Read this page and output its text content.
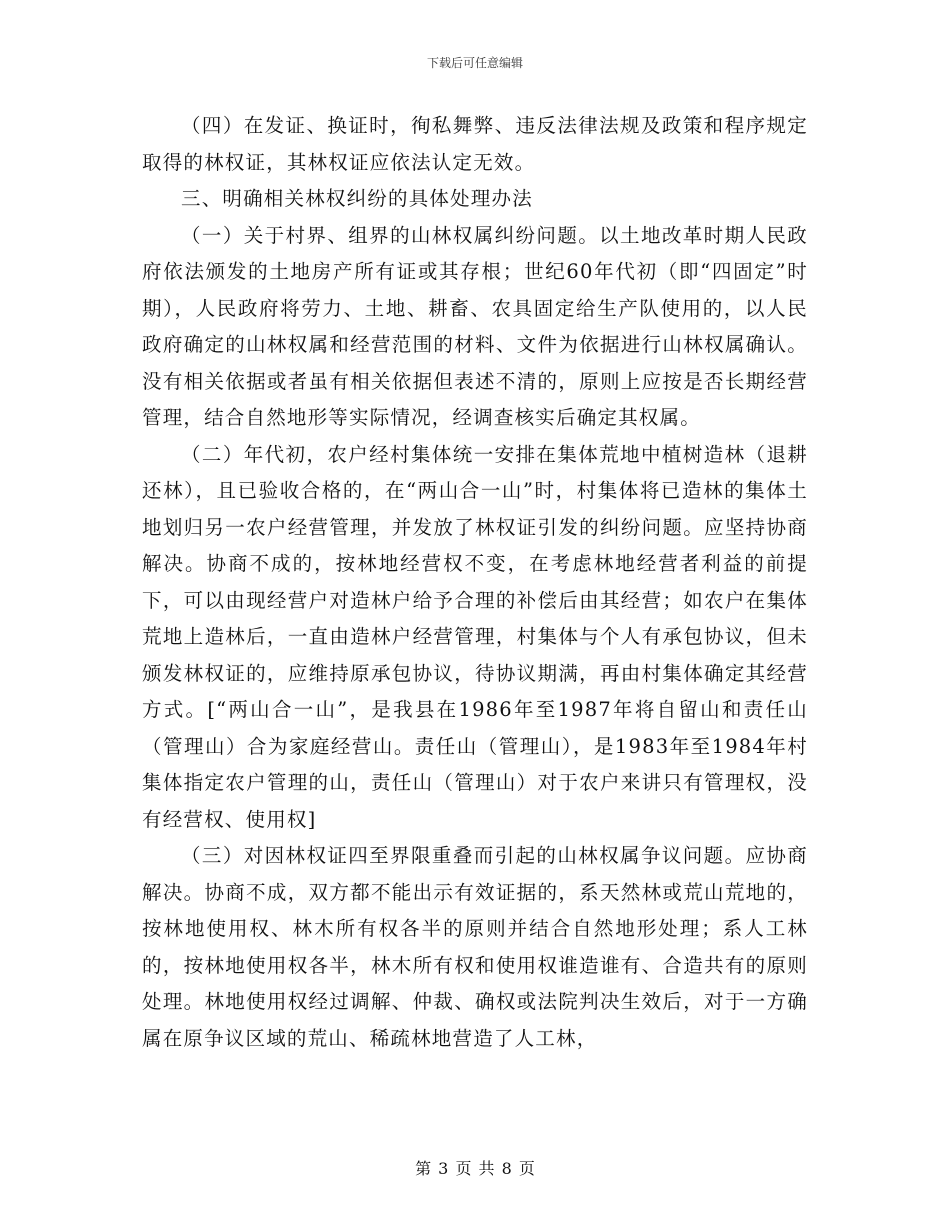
下载后可任意编辑

（四）在发证、换证时，徇私舞弊、违反法律法规及政策和程序规定取得的林权证，其林权证应依法认定无效。

三、明确相关林权纠纷的具体处理办法

（一）关于村界、组界的山林权属纠纷问题。以土地改革时期人民政府依法颁发的土地房产所有证或其存根；世纪60年代初（即“四固定”时期），人民政府将劳力、土地、耕畜、农具固定给生产队使用的，以人民政府确定的山林权属和经营范围的材料、文件为依据进行山林权属确认。没有相关依据或者虽有相关依据但表述不清的，原则上应按是否长期经营管理，结合自然地形等实际情况，经调查核实后确定其权属。

（二）年代初，农户经村集体统一安排在集体荒地中植树造林（退耕还林），且已验收合格的，在“两山合一山”时，村集体将已造林的集体土地划归另一农户经营管理，并发放了林权证引发的纠纷问题。应坚持协商解决。协商不成的，按林地经营权不变，在考虑林地经营者利益的前提下，可以由现经营户对造林户给予合理的补偿后由其经营；如农户在集体荒地上造林后，一直由造林户经营管理，村集体与个人有承包协议，但未颁发林权证的，应维持原承包协议，待协议期满，再由村集体确定其经营方式。[“两山合一山”，是我县在1986年至1987年将自留山和责任山（管理山）合为家庭经营山。责任山（管理山），是1983年至1984年村集体指定农户管理的山，责任山（管理山）对于农户来讲只有管理权，没有经营权、使用权]

（三）对因林权证四至界限重叠而引起的山林权属争议问题。应协商解决。协商不成，双方都不能出示有效证据的，系天然林或荒山荒地的，按林地使用权、林木所有权各半的原则并结合自然地形处理；系人工林的，按林地使用权各半，林木所有权和使用权谁造谁有、合造共有的原则处理。林地使用权经过调解、仲裁、确权或法院判决生效后，对于一方确属在原争议区域的荒山、稀疏林地营造了人工林，

第 3 页 共 8 页
